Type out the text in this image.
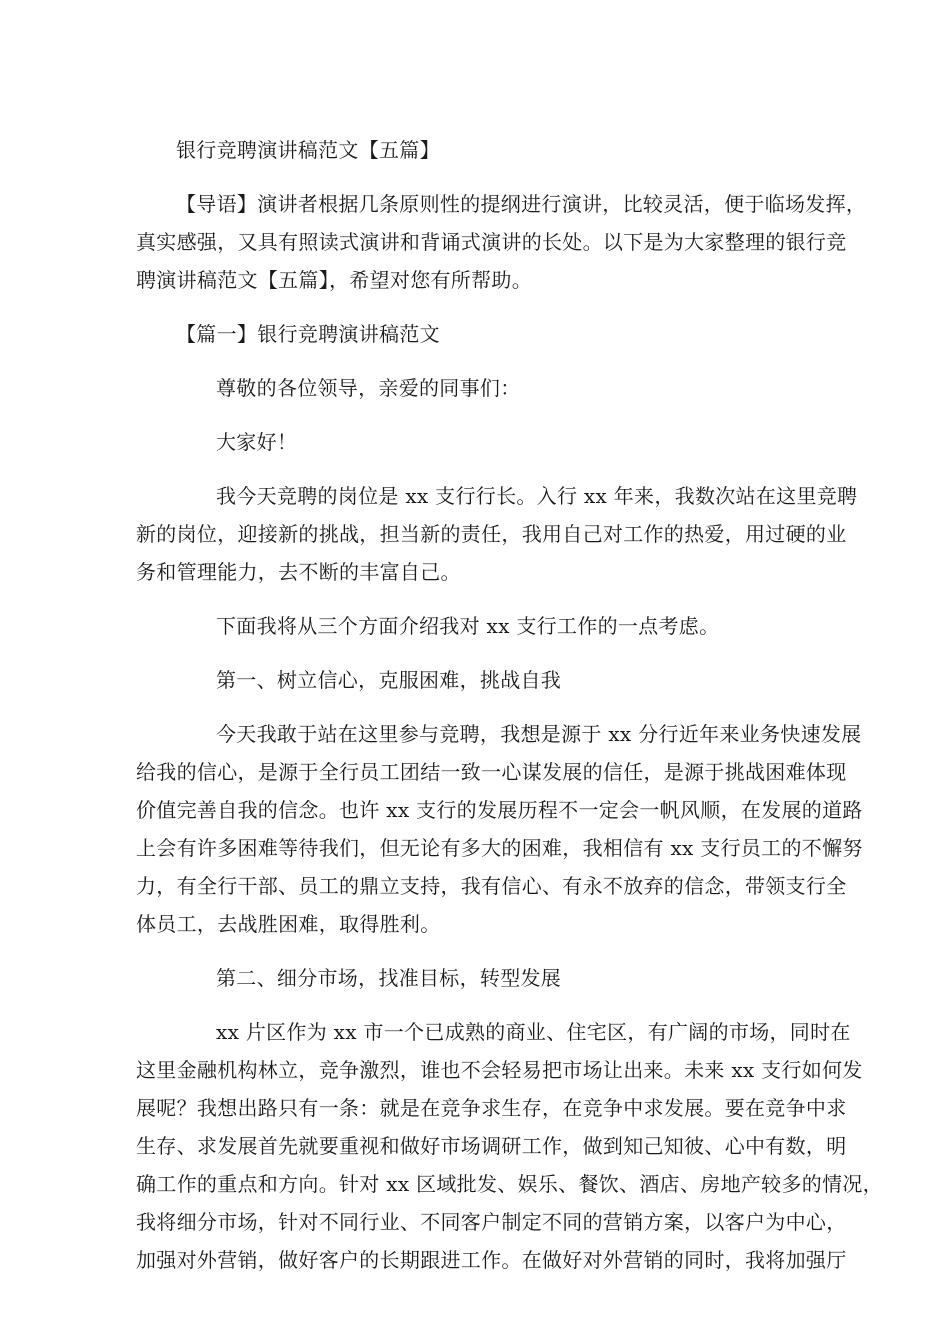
银行竞聘演讲稿范文【五篇】
【导语】演讲者根据几条原则性的提纲进行演讲，比较灵活，便于临场发挥，
真实感强，又具有照读式演讲和背诵式演讲的长处。以下是为大家整理的银行竞
聘演讲稿范文【五篇】，希望对您有所帮助。
【篇一】银行竞聘演讲稿范文
尊敬的各位领导，亲爱的同事们：
大家好！
我今天竞聘的岗位是 xx 支行行长。入行 xx 年来，我数次站在这里竞聘
新的岗位，迎接新的挑战，担当新的责任，我用自己对工作的热爱，用过硬的业
务和管理能力，去不断的丰富自己。
下面我将从三个方面介绍我对 xx 支行工作的一点考虑。
第一、树立信心，克服困难，挑战自我
今天我敢于站在这里参与竞聘，我想是源于 xx 分行近年来业务快速发展
给我的信心，是源于全行员工团结一致一心谋发展的信任，是源于挑战困难体现
价值完善自我的信念。也许 xx 支行的发展历程不一定会一帆风顺，在发展的道路
上会有许多困难等待我们，但无论有多大的困难，我相信有 xx 支行员工的不懈努
力，有全行干部、员工的鼎立支持，我有信心、有永不放弃的信念，带领支行全
体员工，去战胜困难，取得胜利。
第二、细分市场，找准目标，转型发展
xx 片区作为 xx 市一个已成熟的商业、住宅区，有广阔的市场，同时在
这里金融机构林立，竞争激烈，谁也不会轻易把市场让出来。未来 xx 支行如何发
展呢？我想出路只有一条：就是在竞争求生存，在竞争中求发展。要在竞争中求
生存、求发展首先就要重视和做好市场调研工作，做到知己知彼、心中有数，明
确工作的重点和方向。针对 xx 区域批发、娱乐、餐饮、酒店、房地产较多的情况，
我将细分市场，针对不同行业、不同客户制定不同的营销方案，以客户为中心，
加强对外营销，做好客户的长期跟进工作。在做好对外营销的同时，我将加强厅
